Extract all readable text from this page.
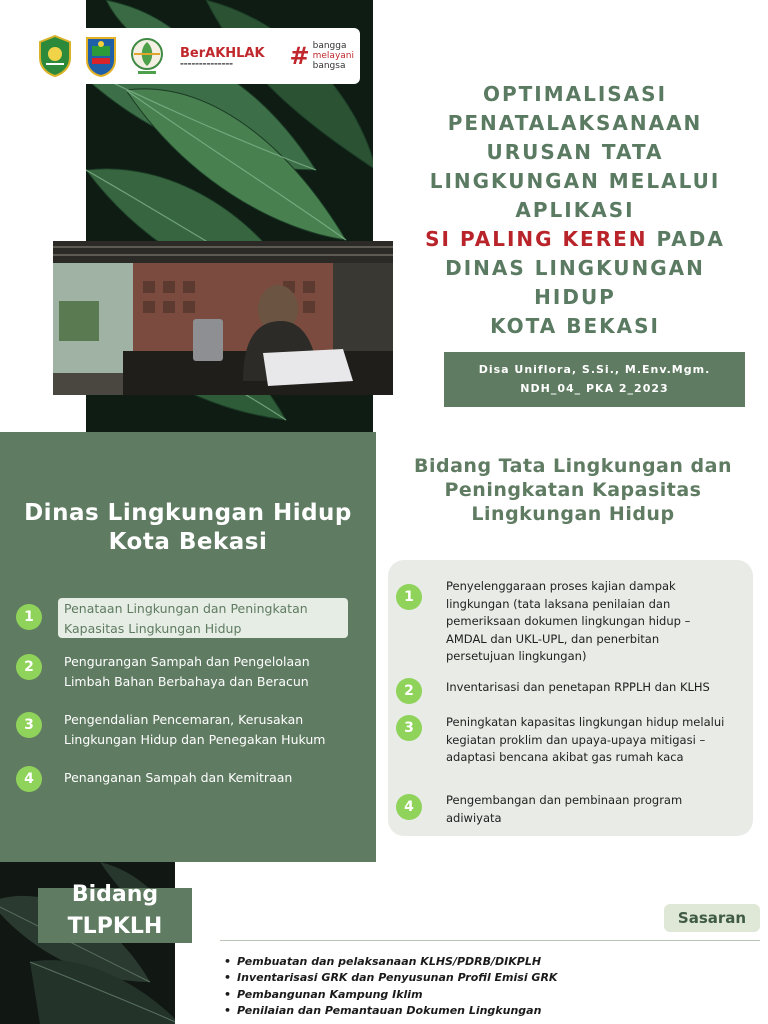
BerAKHLAK
▬▬▬▬▬▬▬▬▬▬▬▬▬▬	# bangga
melayani
bangsa
OPTIMALISASI
PENATALAKSANAAN
URUSAN TATA
LINGKUNGAN MELALUI
APLIKASI
SI PALING KEREN PADA
DINAS LINGKUNGAN HIDUP
KOTA BEKASI
Disa Uniflora, S.Si., M.Env.Mgm.
NDH_04_ PKA 2_2023
Dinas Lingkungan Hidup
Kota Bekasi
1
Penataan Lingkungan dan Peningkatan
Kapasitas Lingkungan Hidup
2	Pengurangan Sampah dan Pengelolaan
Limbah Bahan Berbahaya dan Beracun
3	Pengendalian Pencemaran, Kerusakan
Lingkungan Hidup dan Penegakan Hukum
4	Penanganan Sampah dan Kemitraan
Bidang Tata Lingkungan dan
Peningkatan Kapasitas
Lingkungan Hidup
1
Penyelenggaraan proses kajian dampak
lingkungan (tata laksana penilaian dan
pemeriksaan dokumen lingkungan hidup –
AMDAL dan UKL-UPL, dan penerbitan
persetujuan lingkungan)
2	Inventarisasi dan penetapan RPPLH dan KLHS
3	Peningkatan kapasitas lingkungan hidup melalui
kegiatan proklim dan upaya-upaya mitigasi –
adaptasi bencana akibat gas rumah kaca
4	Pengembangan dan pembinaan program
adiwiyata
Bidang
TLPKLH	Sasaran
• Pembuatan dan pelaksanaan KLHS/PDRB/DIKPLH
• Inventarisasi GRK dan Penyusunan Profil Emisi GRK
• Pembangunan Kampung Iklim
• Penilaian dan Pemantauan Dokumen Lingkungan
